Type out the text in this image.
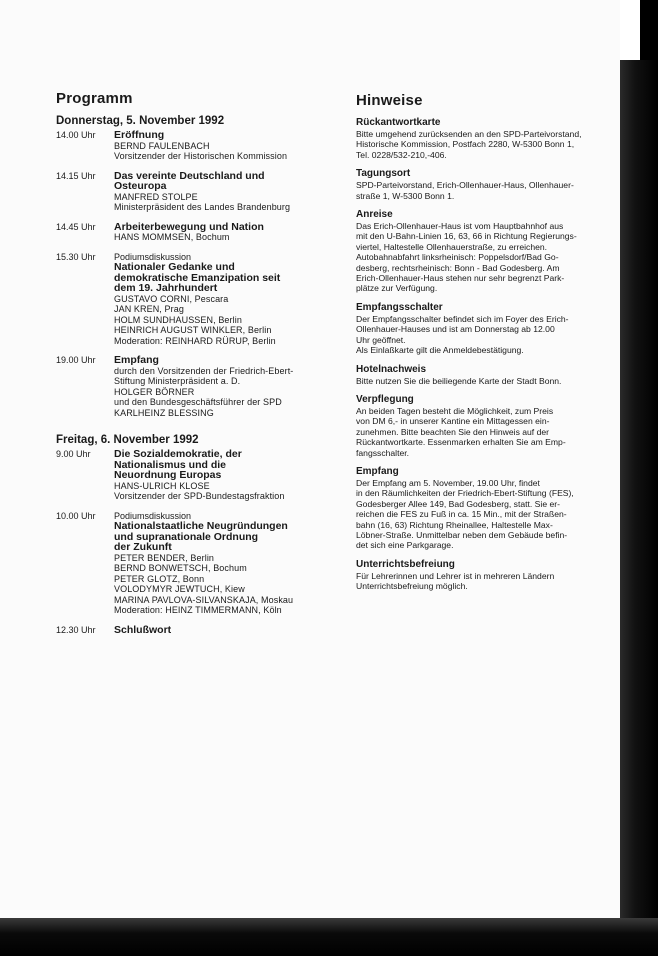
Programm
Donnerstag, 5. November 1992
14.00 Uhr	Eröffnung
BERND FAULENBACH
Vorsitzender der Historischen Kommission
14.15 Uhr	Das vereinte Deutschland und
Osteuropa
MANFRED STOLPE
Ministerpräsident des Landes Brandenburg
14.45 Uhr	Arbeiterbewegung und Nation
HANS MOMMSEN, Bochum
15.30 Uhr	Podiumsdiskussion
Nationaler Gedanke und
demokratische Emanzipation seit
dem 19. Jahrhundert
GUSTAVO CORNI, Pescara
JAN KREN, Prag
HOLM SUNDHAUSSEN, Berlin
HEINRICH AUGUST WINKLER, Berlin
Moderation: REINHARD RÜRUP, Berlin
19.00 Uhr	Empfang
durch den Vorsitzenden der Friedrich-Ebert-
Stiftung Ministerpräsident a. D.
HOLGER BÖRNER
und den Bundesgeschäftsführer der SPD
KARLHEINZ BLESSING
Freitag, 6. November 1992
9.00 Uhr	Die Sozialdemokratie, der
Nationalismus und die
Neuordnung Europas
HANS-ULRICH KLOSE
Vorsitzender der SPD-Bundestagsfraktion
10.00 Uhr	Podiumsdiskussion
Nationalstaatliche Neugründungen
und supranationale Ordnung
der Zukunft
PETER BENDER, Berlin
BERND BONWETSCH, Bochum
PETER GLOTZ, Bonn
VOLODYMYR JEWTUCH, Kiew
MARINA PAVLOVA-SILVANSKAJA, Moskau
Moderation: HEINZ TIMMERMANN, Köln
12.30 Uhr	Schlußwort
Hinweise
Rückantwortkarte
Bitte umgehend zurücksenden an den SPD-Parteivorstand,
Historische Kommission, Postfach 2280, W-5300 Bonn 1,
Tel. 0228/532-210,-406.
Tagungsort
SPD-Parteivorstand, Erich-Ollenhauer-Haus, Ollenhauer-
straße 1, W-5300 Bonn 1.
Anreise
Das Erich-Ollenhauer-Haus ist vom Hauptbahnhof aus
mit den U-Bahn-Linien 16, 63, 66 in Richtung Regierungs-
viertel, Haltestelle Ollenhauerstraße, zu erreichen.
Autobahnabfahrt linksrheinisch: Poppelsdorf/Bad Go-
desberg, rechtsrheinisch: Bonn - Bad Godesberg. Am
Erich-Ollenhauer-Haus stehen nur sehr begrenzt Park-
plätze zur Verfügung.
Empfangsschalter
Der Empfangsschalter befindet sich im Foyer des Erich-
Ollenhauer-Hauses und ist am Donnerstag ab 12.00
Uhr geöffnet.
Als Einlaßkarte gilt die Anmeldebestätigung.
Hotelnachweis
Bitte nutzen Sie die beiliegende Karte der Stadt Bonn.
Verpflegung
An beiden Tagen besteht die Möglichkeit, zum Preis
von DM 6,- in unserer Kantine ein Mittagessen ein-
zunehmen. Bitte beachten Sie den Hinweis auf der
Rückantwortkarte. Essenmarken erhalten Sie am Emp-
fangsschalter.
Empfang
Der Empfang am 5. November, 19.00 Uhr, findet
in den Räumlichkeiten der Friedrich-Ebert-Stiftung (FES),
Godesberger Allee 149, Bad Godesberg, statt. Sie er-
reichen die FES zu Fuß in ca. 15 Min., mit der Straßen-
bahn (16, 63) Richtung Rheinallee, Haltestelle Max-
Löbner-Straße. Unmittelbar neben dem Gebäude befin-
det sich eine Parkgarage.
Unterrichtsbefreiung
Für Lehrerinnen und Lehrer ist in mehreren Ländern
Unterrichtsbefreiung möglich.
